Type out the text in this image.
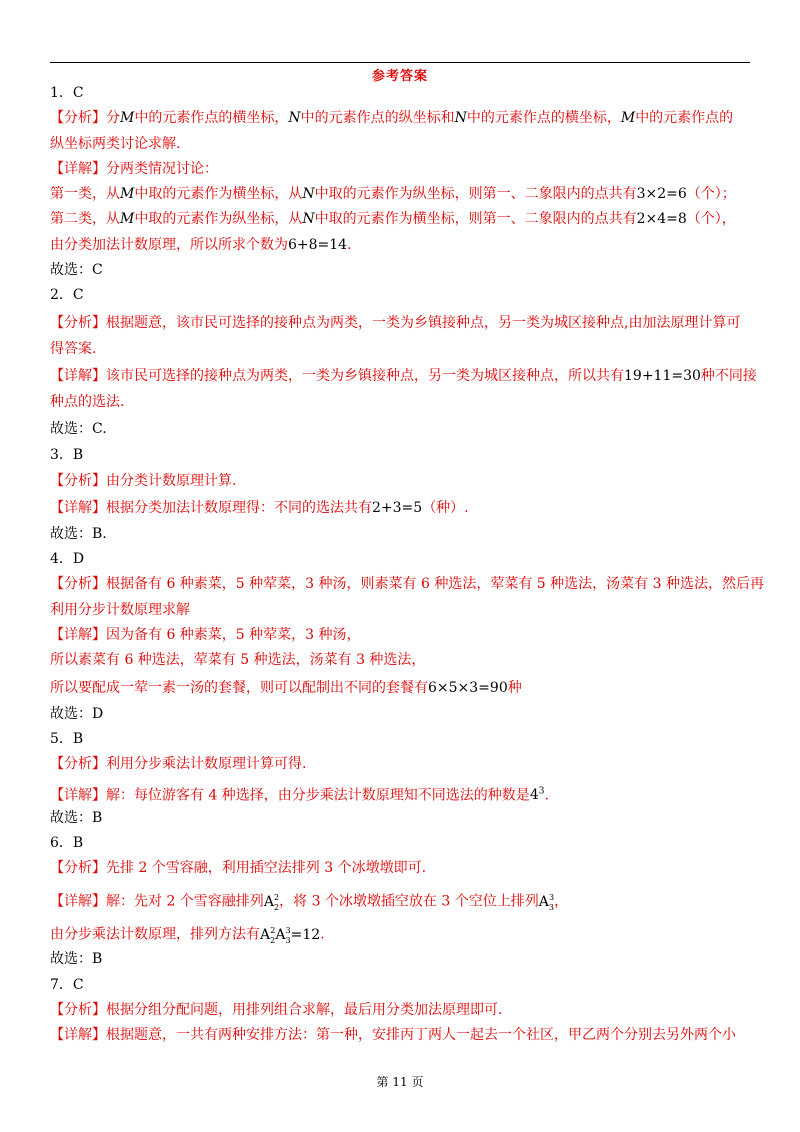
参考答案
1．C
【分析】分M中的元素作点的横坐标，N中的元素作点的纵坐标和N中的元素作点的横坐标，M中的元素作点的
纵坐标两类讨论求解.
【详解】分两类情况讨论：
第一类，从M中取的元素作为横坐标，从N中取的元素作为纵坐标，则第一、二象限内的点共有3×2=6（个）；
第二类，从M中取的元素作为纵坐标，从N中取的元素作为横坐标，则第一、二象限内的点共有2×4=8（个），
由分类加法计数原理，所以所求个数为6+8=14.
故选：C
2．C
【分析】根据题意，该市民可选择的接种点为两类，一类为乡镇接种点，另一类为城区接种点,由加法原理计算可
得答案.
【详解】该市民可选择的接种点为两类，一类为乡镇接种点，另一类为城区接种点，所以共有19+11=30种不同接
种点的选法.
故选：C.
3．B
【分析】由分类计数原理计算.
【详解】根据分类加法计数原理得：不同的选法共有2+3=5（种）.
故选：B.
4．D
【分析】根据备有 6 种素菜，5 种荤菜，3 种汤，则素菜有 6 种选法，荤菜有 5 种选法，汤菜有 3 种选法，然后再
利用分步计数原理求解
【详解】因为备有 6 种素菜，5 种荤菜，3 种汤，
所以素菜有 6 种选法，荤菜有 5 种选法，汤菜有 3 种选法，
所以要配成一荤一素一汤的套餐，则可以配制出不同的套餐有6×5×3=90种
故选：D
5．B
【分析】利用分步乘法计数原理计算可得.
【详解】解：每位游客有 4 种选择，由分步乘法计数原理知不同选法的种数是$4^3$.
故选：B
6．B
【分析】先排 2 个雪容融，利用插空法排列 3 个冰墩墩即可.
【详解】解：先对 2 个雪容融排列$A_2^2$，将 3 个冰墩墩插空放在 3 个空位上排列$A_3^3$，
由分步乘法计数原理，排列方法有$A_2^2A_3^3=12$.
故选：B
7．C
【分析】根据分组分配问题，用排列组合求解，最后用分类加法原理即可.
【详解】根据题意，一共有两种安排方法：第一种，安排丙丁两人一起去一个社区，甲乙两个分别去另外两个小
第 11 页
